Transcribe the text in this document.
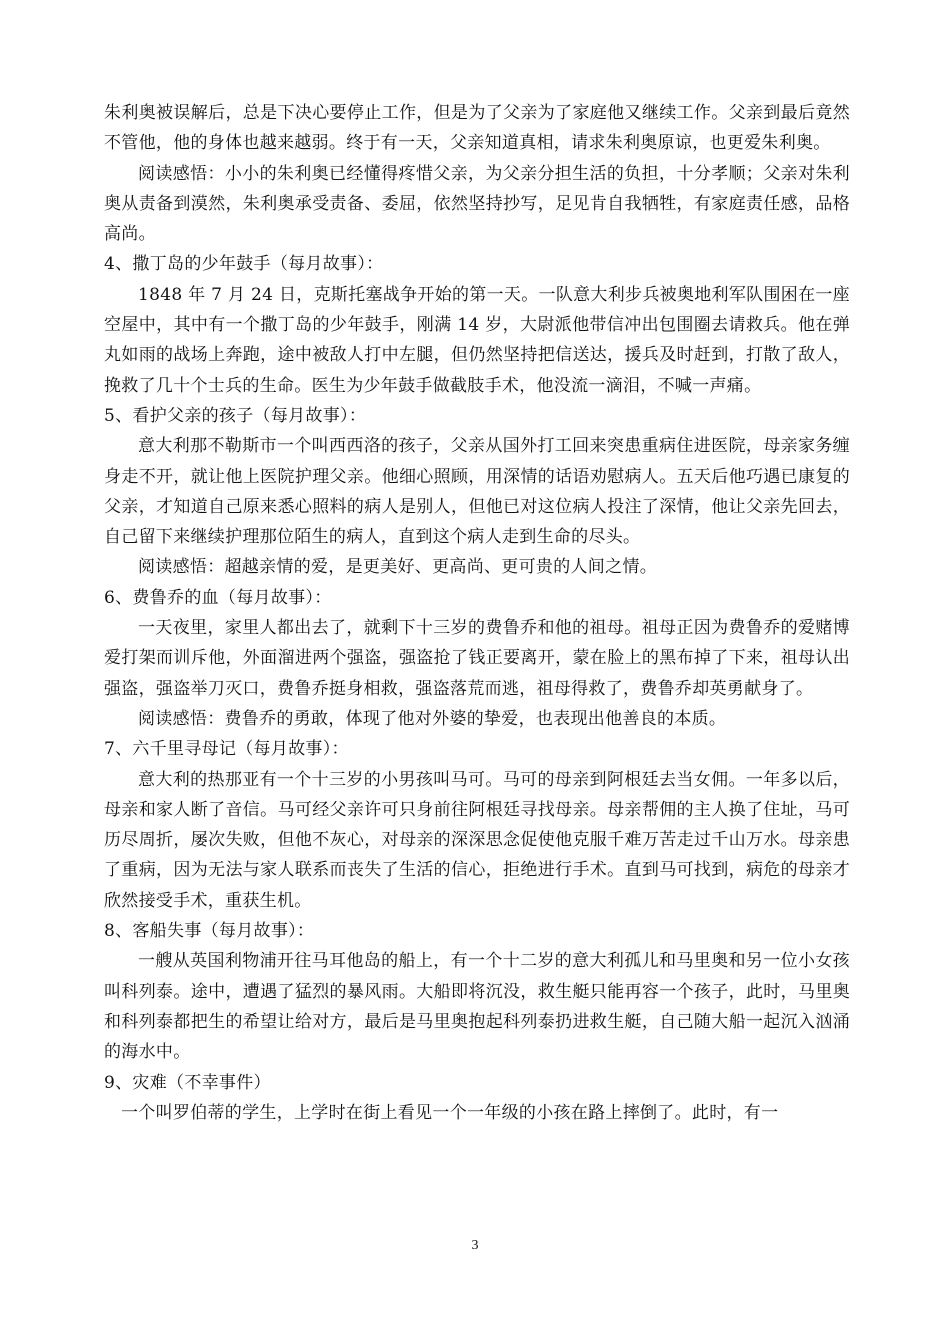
朱利奥被误解后，总是下决心要停止工作，但是为了父亲为了家庭他又继续工作。父亲到最后竟然不管他，他的身体也越来越弱。终于有一天，父亲知道真相，请求朱利奥原谅，也更爱朱利奥。

阅读感悟：小小的朱利奥已经懂得疼惜父亲，为父亲分担生活的负担，十分孝顺；父亲对朱利奥从责备到漠然，朱利奥承受责备、委屈，依然坚持抄写，足见肯自我牺牲，有家庭责任感，品格高尚。

4、撒丁岛的少年鼓手（每月故事）：

1848 年 7 月 24 日，克斯托塞战争开始的第一天。一队意大利步兵被奥地利军队围困在一座空屋中，其中有一个撒丁岛的少年鼓手，刚满 14 岁，大尉派他带信冲出包围圈去请救兵。他在弹丸如雨的战场上奔跑，途中被敌人打中左腿，但仍然坚持把信送达，援兵及时赶到，打散了敌人，挽救了几十个士兵的生命。医生为少年鼓手做截肢手术，他没流一滴泪，不喊一声痛。

5、看护父亲的孩子（每月故事）：

意大利那不勒斯市一个叫西西洛的孩子，父亲从国外打工回来突患重病住进医院，母亲家务缠身走不开，就让他上医院护理父亲。他细心照顾，用深情的话语劝慰病人。五天后他巧遇已康复的父亲，才知道自己原来悉心照料的病人是别人，但他已对这位病人投注了深情，他让父亲先回去，自己留下来继续护理那位陌生的病人，直到这个病人走到生命的尽头。

阅读感悟：超越亲情的爱，是更美好、更高尚、更可贵的人间之情。

6、费鲁乔的血（每月故事）：

一天夜里，家里人都出去了，就剩下十三岁的费鲁乔和他的祖母。祖母正因为费鲁乔的爱赌博爱打架而训斥他，外面溜进两个强盗，强盗抢了钱正要离开，蒙在脸上的黑布掉了下来，祖母认出强盗，强盗举刀灭口，费鲁乔挺身相救，强盗落荒而逃，祖母得救了，费鲁乔却英勇献身了。

阅读感悟：费鲁乔的勇敢，体现了他对外婆的挚爱，也表现出他善良的本质。

7、六千里寻母记（每月故事）：

意大利的热那亚有一个十三岁的小男孩叫马可。马可的母亲到阿根廷去当女佣。一年多以后，母亲和家人断了音信。马可经父亲许可只身前往阿根廷寻找母亲。母亲帮佣的主人换了住址，马可历尽周折，屡次失败，但他不灰心，对母亲的深深思念促使他克服千难万苦走过千山万水。母亲患了重病，因为无法与家人联系而丧失了生活的信心，拒绝进行手术。直到马可找到，病危的母亲才欣然接受手术，重获生机。

8、客船失事（每月故事）：

一艘从英国利物浦开往马耳他岛的船上，有一个十二岁的意大利孤儿和马里奥和另一位小女孩叫科列泰。途中，遭遇了猛烈的暴风雨。大船即将沉没，救生艇只能再容一个孩子，此时，马里奥和科列泰都把生的希望让给对方，最后是马里奥抱起科列泰扔进救生艇，自己随大船一起沉入汹涌的海水中。

9、灾难（不幸事件）

一个叫罗伯蒂的学生，上学时在街上看见一个一年级的小孩在路上摔倒了。此时，有一

3
